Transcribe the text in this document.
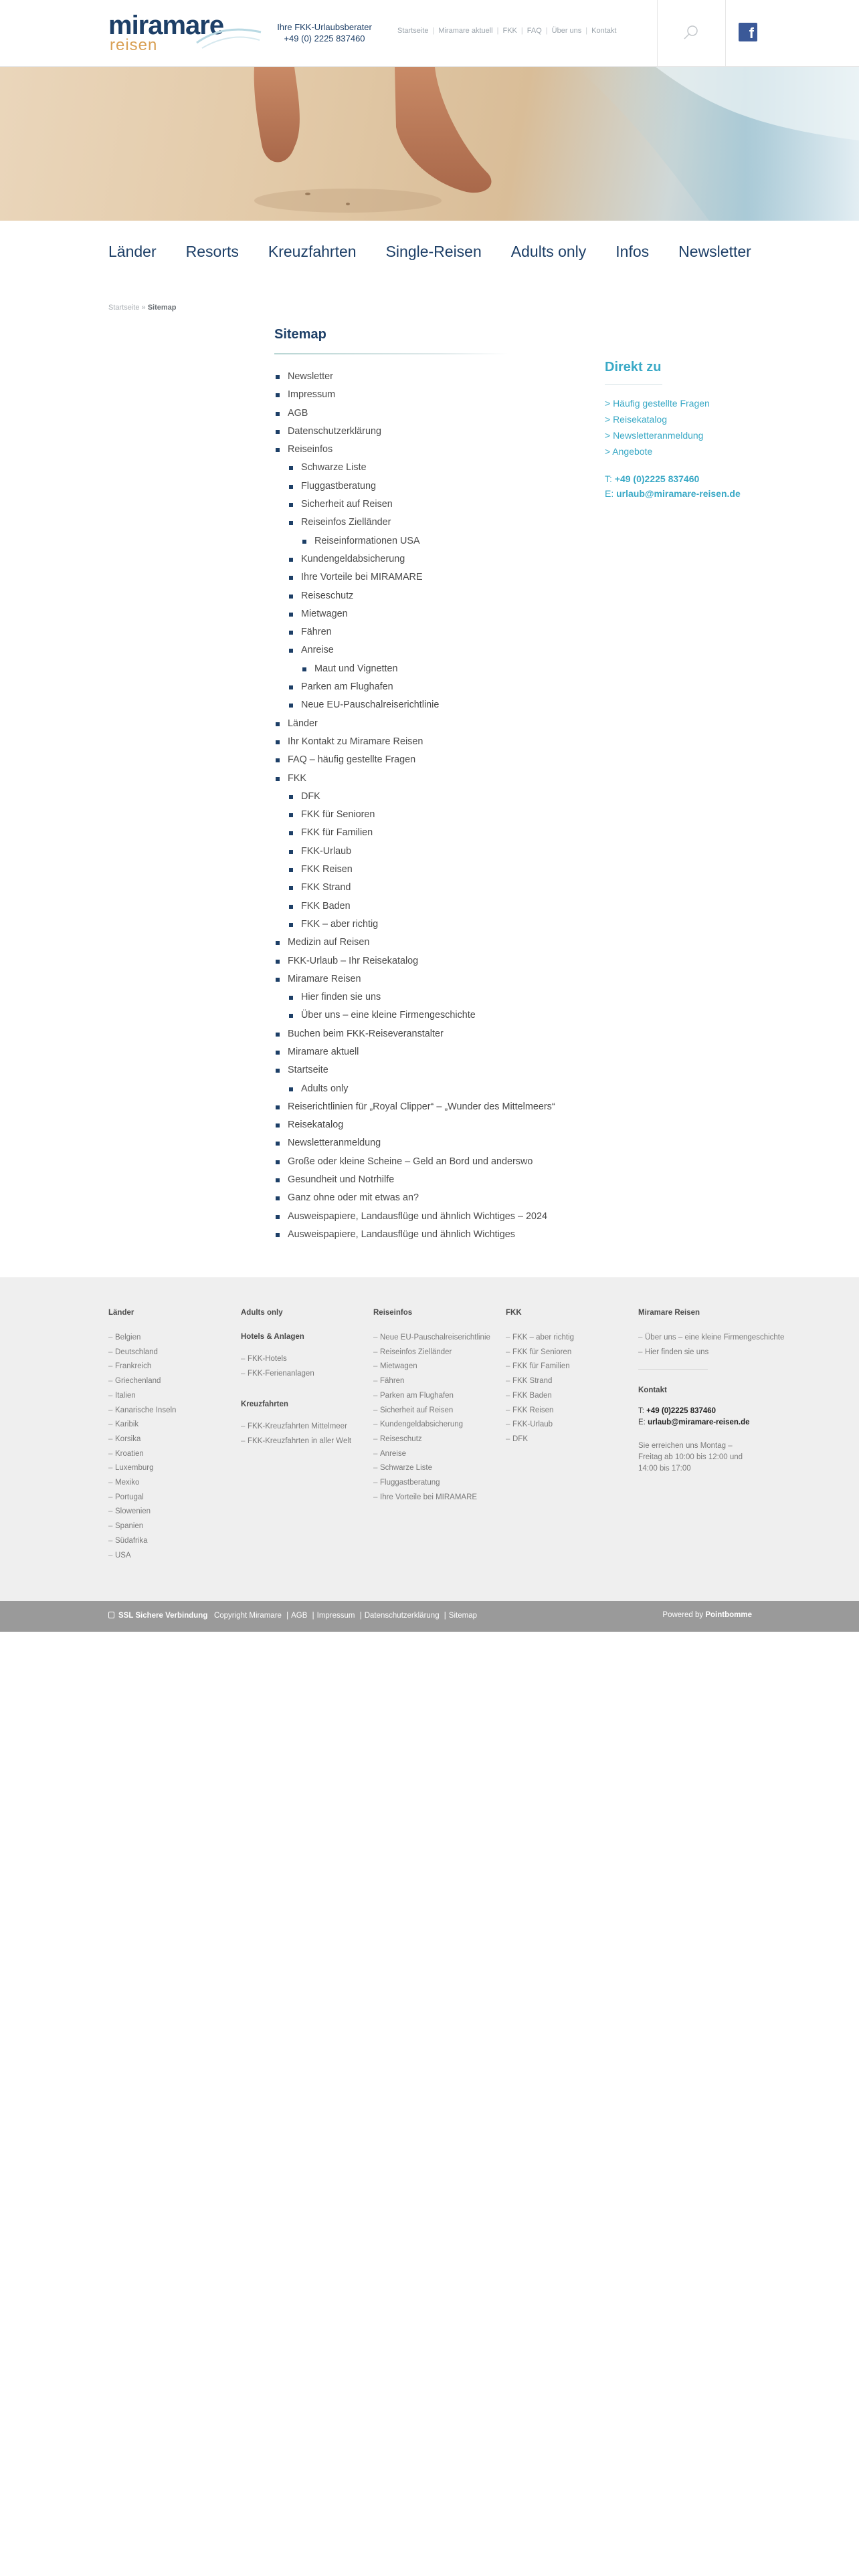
miramare
reisen
Ihre FKK-Urlaubsberater
+49 (0) 2225 837460
Startseite | Miramare aktuell | FKK | FAQ | Über uns | Kontakt	f
Länder Resorts Kreuzfahrten Single-Reisen Adults only Infos Newsletter
Startseite » Sitemap
Sitemap
Newsletter
Impressum
AGB
Datenschutzerklärung
Reiseinfos
Schwarze Liste
Fluggastberatung
Sicherheit auf Reisen
Reiseinfos Zielländer
Reiseinformationen USA
Kundengeldabsicherung
Ihre Vorteile bei MIRAMARE
Reiseschutz
Mietwagen
Fähren
Anreise
Maut und Vignetten
Parken am Flughafen
Neue EU-Pauschalreiserichtlinie
Länder
Ihr Kontakt zu Miramare Reisen
FAQ – häufig gestellte Fragen
FKK
DFK
FKK für Senioren
FKK für Familien
FKK-Urlaub
FKK Reisen
FKK Strand
FKK Baden
FKK – aber richtig
Medizin auf Reisen
FKK-Urlaub – Ihr Reisekatalog
Miramare Reisen
Hier finden sie uns
Über uns – eine kleine Firmengeschichte
Buchen beim FKK-Reiseveranstalter
Miramare aktuell
Startseite
Adults only
Reiserichtlinien für „Royal Clipper“ – „Wunder des Mittelmeers“
Reisekatalog
Newsletteranmeldung
Große oder kleine Scheine – Geld an Bord und anderswo
Gesundheit und Notrhilfe
Ganz ohne oder mit etwas an?
Ausweispapiere, Landausflüge und ähnlich Wichtiges – 2024
Ausweispapiere, Landausflüge und ähnlich Wichtiges
Direkt zu
> Häufig gestellte Fragen
> Reisekatalog
> Newsletteranmeldung
> Angebote
T: +49 (0)2225 837460
E: urlaub@miramare-reisen.de
Länder
– Belgien
– Deutschland
– Frankreich
– Griechenland
– Italien
– Kanarische Inseln
– Karibik
– Korsika
– Kroatien
– Luxemburg
– Mexiko
– Portugal
– Slowenien
– Spanien
– Südafrika
– USA
Adults only
Hotels & Anlagen
– FKK-Hotels
– FKK-Ferienanlagen
Kreuzfahrten
– FKK-Kreuzfahrten Mittelmeer
– FKK-Kreuzfahrten in aller Welt
Reiseinfos
– Neue EU-Pauschalreiserichtlinie
– Reiseinfos Zielländer
– Mietwagen
– Fähren
– Parken am Flughafen
– Sicherheit auf Reisen
– Kundengeldabsicherung
– Reiseschutz
– Anreise
– Schwarze Liste
– Fluggastberatung
– Ihre Vorteile bei MIRAMARE
FKK
– FKK – aber richtig
– FKK für Senioren
– FKK für Familien
– FKK Strand
– FKK Baden
– FKK Reisen
– FKK-Urlaub
– DFK
Miramare Reisen
– Über uns – eine kleine Firmengeschichte
– Hier finden sie uns
Kontakt
T: +49 (0)2225 837460
E: urlaub@miramare-reisen.de
Sie erreichen uns Montag – Freitag ab 10:00 bis 12:00 und 14:00 bis 17:00
SSL Sichere Verbindung Copyright Miramare | AGB | Impressum | Datenschutzerklärung | Sitemap	Powered by Pointbomme
